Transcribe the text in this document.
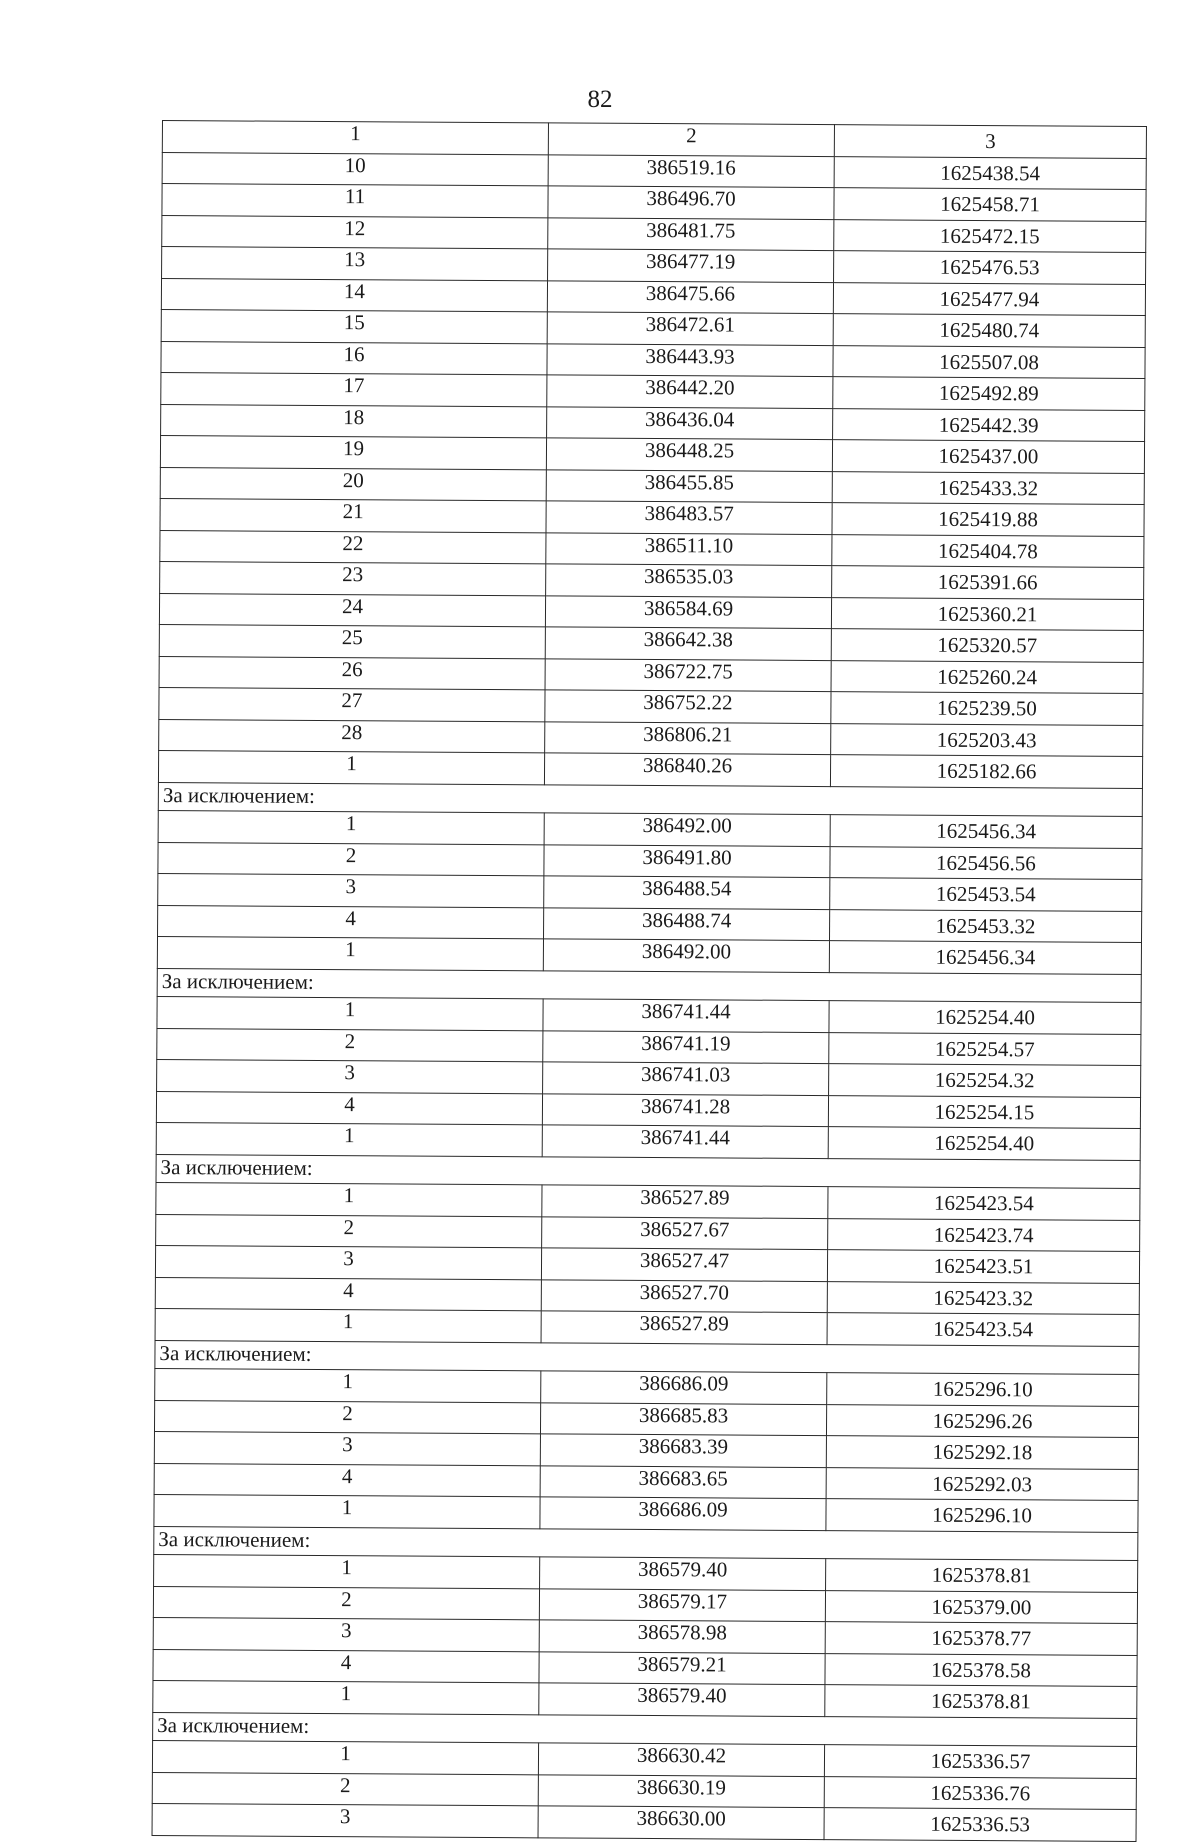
82
1	2	3
10	386519.16	1625438.54
11	386496.70	1625458.71
12	386481.75	1625472.15
13	386477.19	1625476.53
14	386475.66	1625477.94
15	386472.61	1625480.74
16	386443.93	1625507.08
17	386442.20	1625492.89
18	386436.04	1625442.39
19	386448.25	1625437.00
20	386455.85	1625433.32
21	386483.57	1625419.88
22	386511.10	1625404.78
23	386535.03	1625391.66
24	386584.69	1625360.21
25	386642.38	1625320.57
26	386722.75	1625260.24
27	386752.22	1625239.50
28	386806.21	1625203.43
1	386840.26	1625182.66
За исключением:		
1	386492.00	1625456.34
2	386491.80	1625456.56
3	386488.54	1625453.54
4	386488.74	1625453.32
1	386492.00	1625456.34
За исключением:		
1	386741.44	1625254.40
2	386741.19	1625254.57
3	386741.03	1625254.32
4	386741.28	1625254.15
1	386741.44	1625254.40
За исключением:		
1	386527.89	1625423.54
2	386527.67	1625423.74
3	386527.47	1625423.51
4	386527.70	1625423.32
1	386527.89	1625423.54
За исключением:		
1	386686.09	1625296.10
2	386685.83	1625296.26
3	386683.39	1625292.18
4	386683.65	1625292.03
1	386686.09	1625296.10
За исключением:		
1	386579.40	1625378.81
2	386579.17	1625379.00
3	386578.98	1625378.77
4	386579.21	1625378.58
1	386579.40	1625378.81
За исключением:		
1	386630.42	1625336.57
2	386630.19	1625336.76
3	386630.00	1625336.53
